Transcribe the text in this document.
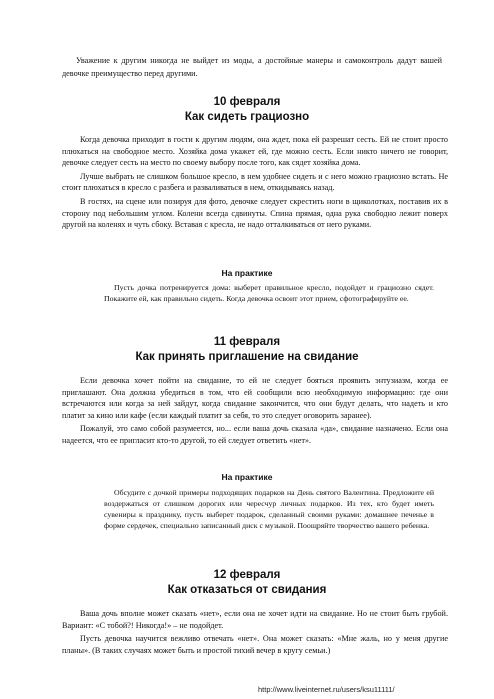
Уважение к другим никогда не выйдет из моды, а достойные манеры и самоконтроль дадут вашей девочке преимущество перед другими.
10 февраля
Как сидеть грациозно

Когда девочка приходит в гости к другим людям, она ждет, пока ей разрешат сесть. Ей не стоит просто плюхаться на свободное место. Хозяйка дома укажет ей, где можно сесть. Если никто ничего не говорит, девочке следует сесть на место по своему выбору после того, как сядет хозяйка дома.

Лучше выбрать не слишком большое кресло, в нем удобнее сидеть и с него можно грациозно встать. Не стоит плюхаться в кресло с разбега и разваливаться в нем, откидываясь назад.

В гостях, на сцене или позируя для фото, девочке следует скрестить ноги в щиколотках, поставив их в сторону под небольшим углом. Колени всегда сдвинуты. Спина прямая, одна рука свободно лежит поверх другой на коленях и чуть сбоку. Вставая с кресла, не надо отталкиваться от него руками.

На практике

Пусть дочка потренируется дома: выберет правильное кресло, подойдет и грациозно сядет. Покажите ей, как правильно сидеть. Когда девочка освоит этот прием, сфотографируйте ее.

11 февраля
Как принять приглашение на свидание

Если девочка хочет пойти на свидание, то ей не следует бояться проявить энтузиазм, когда ее приглашают. Она должна убедиться в том, что ей сообщили всю необходимую информацию: где они встречаются или когда за ней зайдут, когда свидание закончится, что они будут делать, что надеть и кто платит за кино или кафе (если каждый платит за себя, то это следует оговорить заранее).

Пожалуй, это само собой разумеется, но... если ваша дочь сказала «да», свидание назначено. Если она надеется, что ее пригласит кто-то другой, то ей следует ответить «нет».

На практике

Обсудите с дочкой примеры подходящих подарков на День святого Валентина. Предложите ей воздержаться от слишком дорогих или чересчур личных подарков. Из тех, кто будет иметь сувениры к празднику, пусть выберет подарок, сделанный своими руками: домашнее печенье в форме сердечек, специально записанный диск с музыкой. Поощряйте творчество вашего ребенка.

12 февраля
Как отказаться от свидания

Ваша дочь вполне может сказать «нет», если она не хочет идти на свидание. Но не стоит быть грубой. Вариант: «С тобой?! Никогда!» – не подойдет.

Пусть девочка научится вежливо отвечать «нет». Она может сказать: «Мне жаль, но у меня другие планы». (В таких случаях может быть и простой тихий вечер в кругу семьи.)

http://www.liveinternet.ru/users/ksu11111/
